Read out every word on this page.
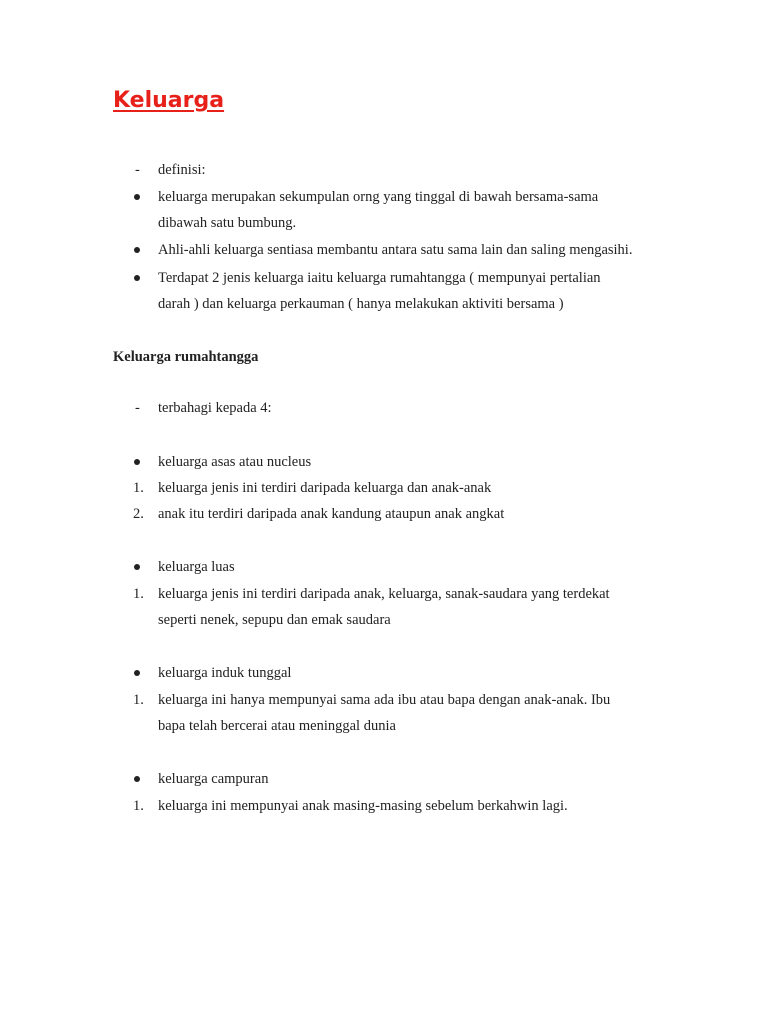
Keluarga
-	definisi:
keluarga merupakan sekumpulan orng yang tinggal di bawah bersama-sama
dibawah satu bumbung.
Ahli-ahli keluarga sentiasa membantu antara satu sama lain dan saling mengasihi.
Terdapat 2 jenis keluarga iaitu keluarga rumahtangga ( mempunyai pertalian
darah ) dan keluarga perkauman ( hanya melakukan aktiviti bersama )
Keluarga rumahtangga
-	terbahagi kepada 4:
keluarga asas atau nucleus
1. keluarga jenis ini terdiri daripada keluarga dan anak-anak
2. anak itu terdiri daripada anak kandung ataupun anak angkat
keluarga luas
1. keluarga jenis ini terdiri daripada anak, keluarga, sanak-saudara yang terdekat
seperti nenek, sepupu dan emak saudara
keluarga induk tunggal
1. keluarga ini hanya mempunyai sama ada ibu atau bapa dengan anak-anak. Ibu
bapa telah bercerai atau meninggal dunia
keluarga campuran
1. keluarga ini mempunyai anak masing-masing sebelum berkahwin lagi.
